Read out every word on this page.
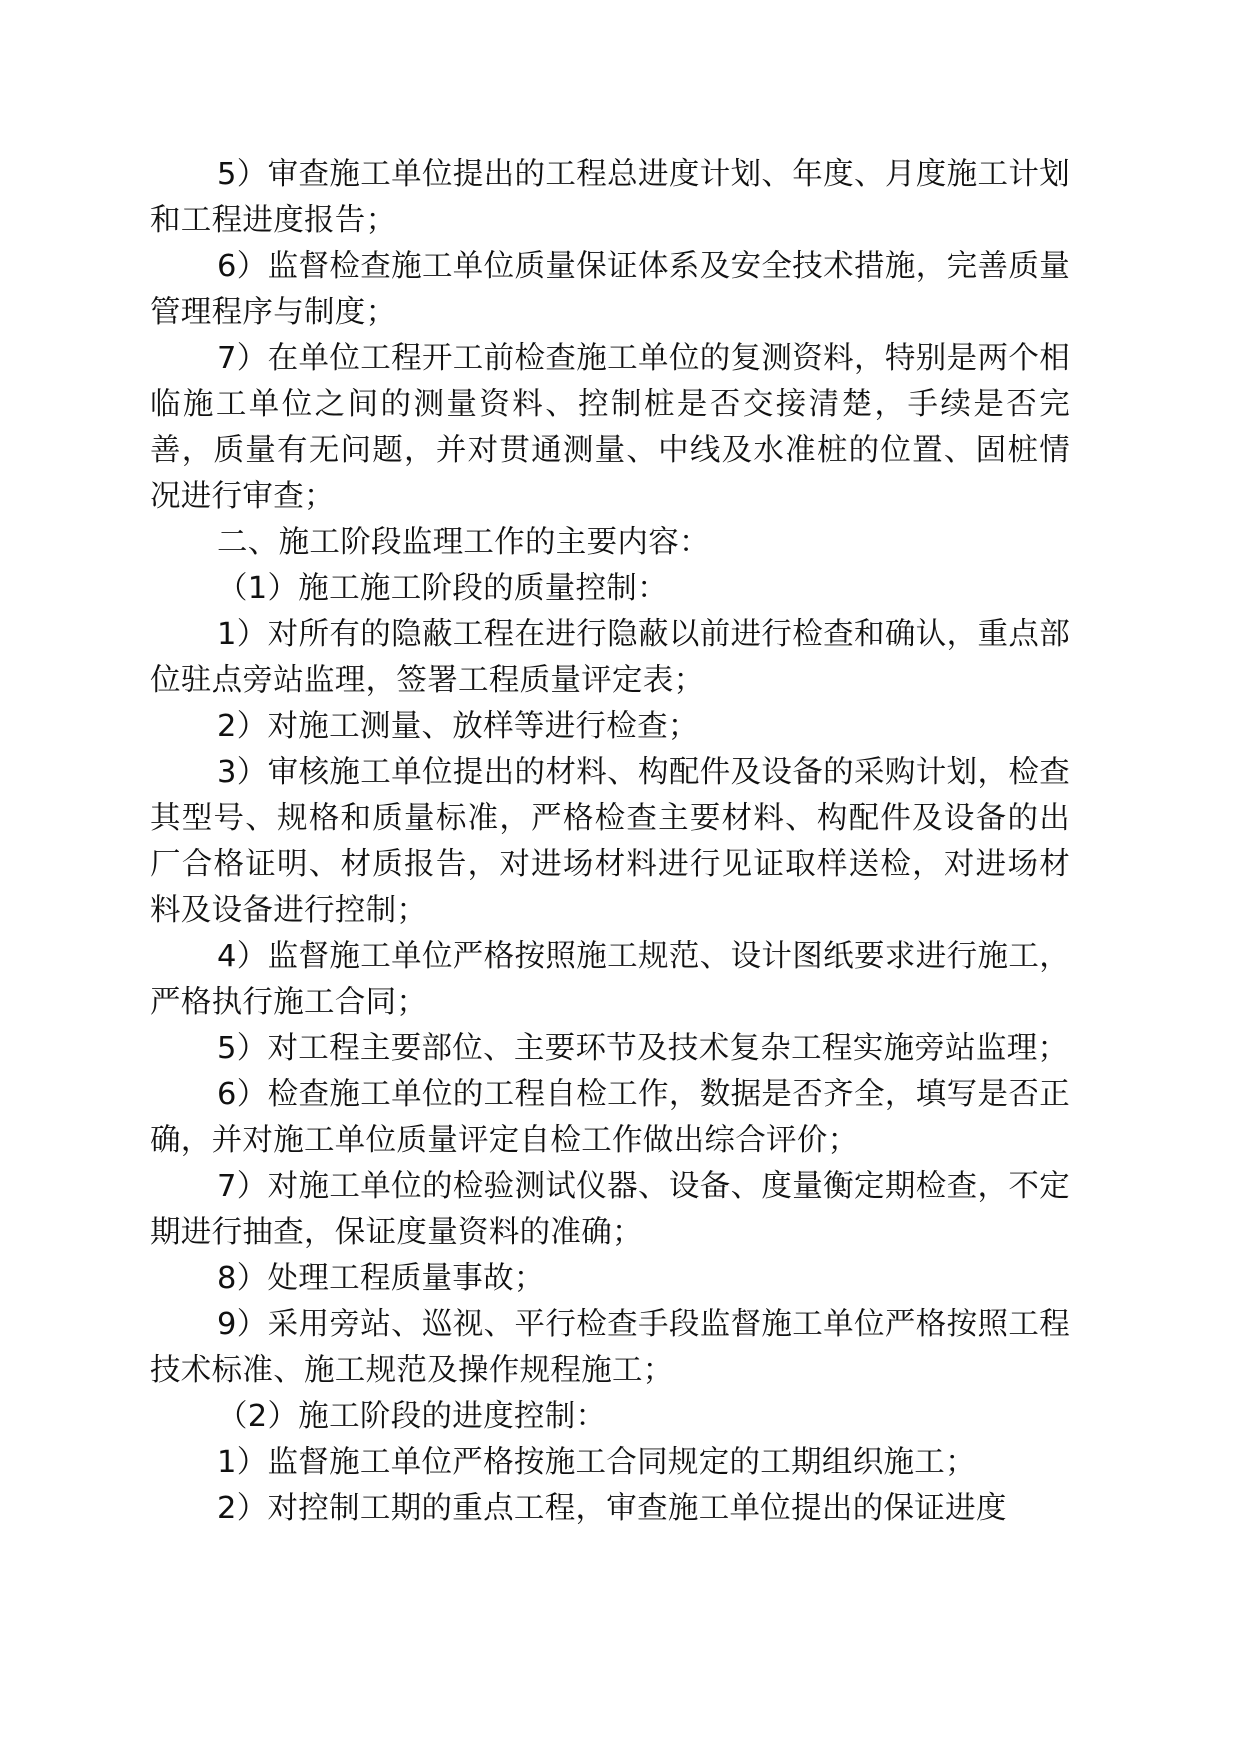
5）审查施工单位提出的工程总进度计划、年度、月度施工计划和工程进度报告；

6）监督检查施工单位质量保证体系及安全技术措施，完善质量管理程序与制度；

7）在单位工程开工前检查施工单位的复测资料，特别是两个相临施工单位之间的测量资料、控制桩是否交接清楚，手续是否完善，质量有无问题，并对贯通测量、中线及水准桩的位置、固桩情况进行审查；

二、施工阶段监理工作的主要内容：

（1）施工施工阶段的质量控制：

1）对所有的隐蔽工程在进行隐蔽以前进行检查和确认，重点部位驻点旁站监理，签署工程质量评定表；

2）对施工测量、放样等进行检查；

3）审核施工单位提出的材料、构配件及设备的采购计划，检查其型号、规格和质量标准，严格检查主要材料、构配件及设备的出厂合格证明、材质报告，对进场材料进行见证取样送检，对进场材料及设备进行控制；

4）监督施工单位严格按照施工规范、设计图纸要求进行施工，严格执行施工合同；

5）对工程主要部位、主要环节及技术复杂工程实施旁站监理；

6）检查施工单位的工程自检工作，数据是否齐全，填写是否正确，并对施工单位质量评定自检工作做出综合评价；

7）对施工单位的检验测试仪器、设备、度量衡定期检查，不定期进行抽查，保证度量资料的准确；

8）处理工程质量事故；

9）采用旁站、巡视、平行检查手段监督施工单位严格按照工程技术标准、施工规范及操作规程施工；

（2）施工阶段的进度控制：

1）监督施工单位严格按施工合同规定的工期组织施工；

2）对控制工期的重点工程，审查施工单位提出的保证进度
